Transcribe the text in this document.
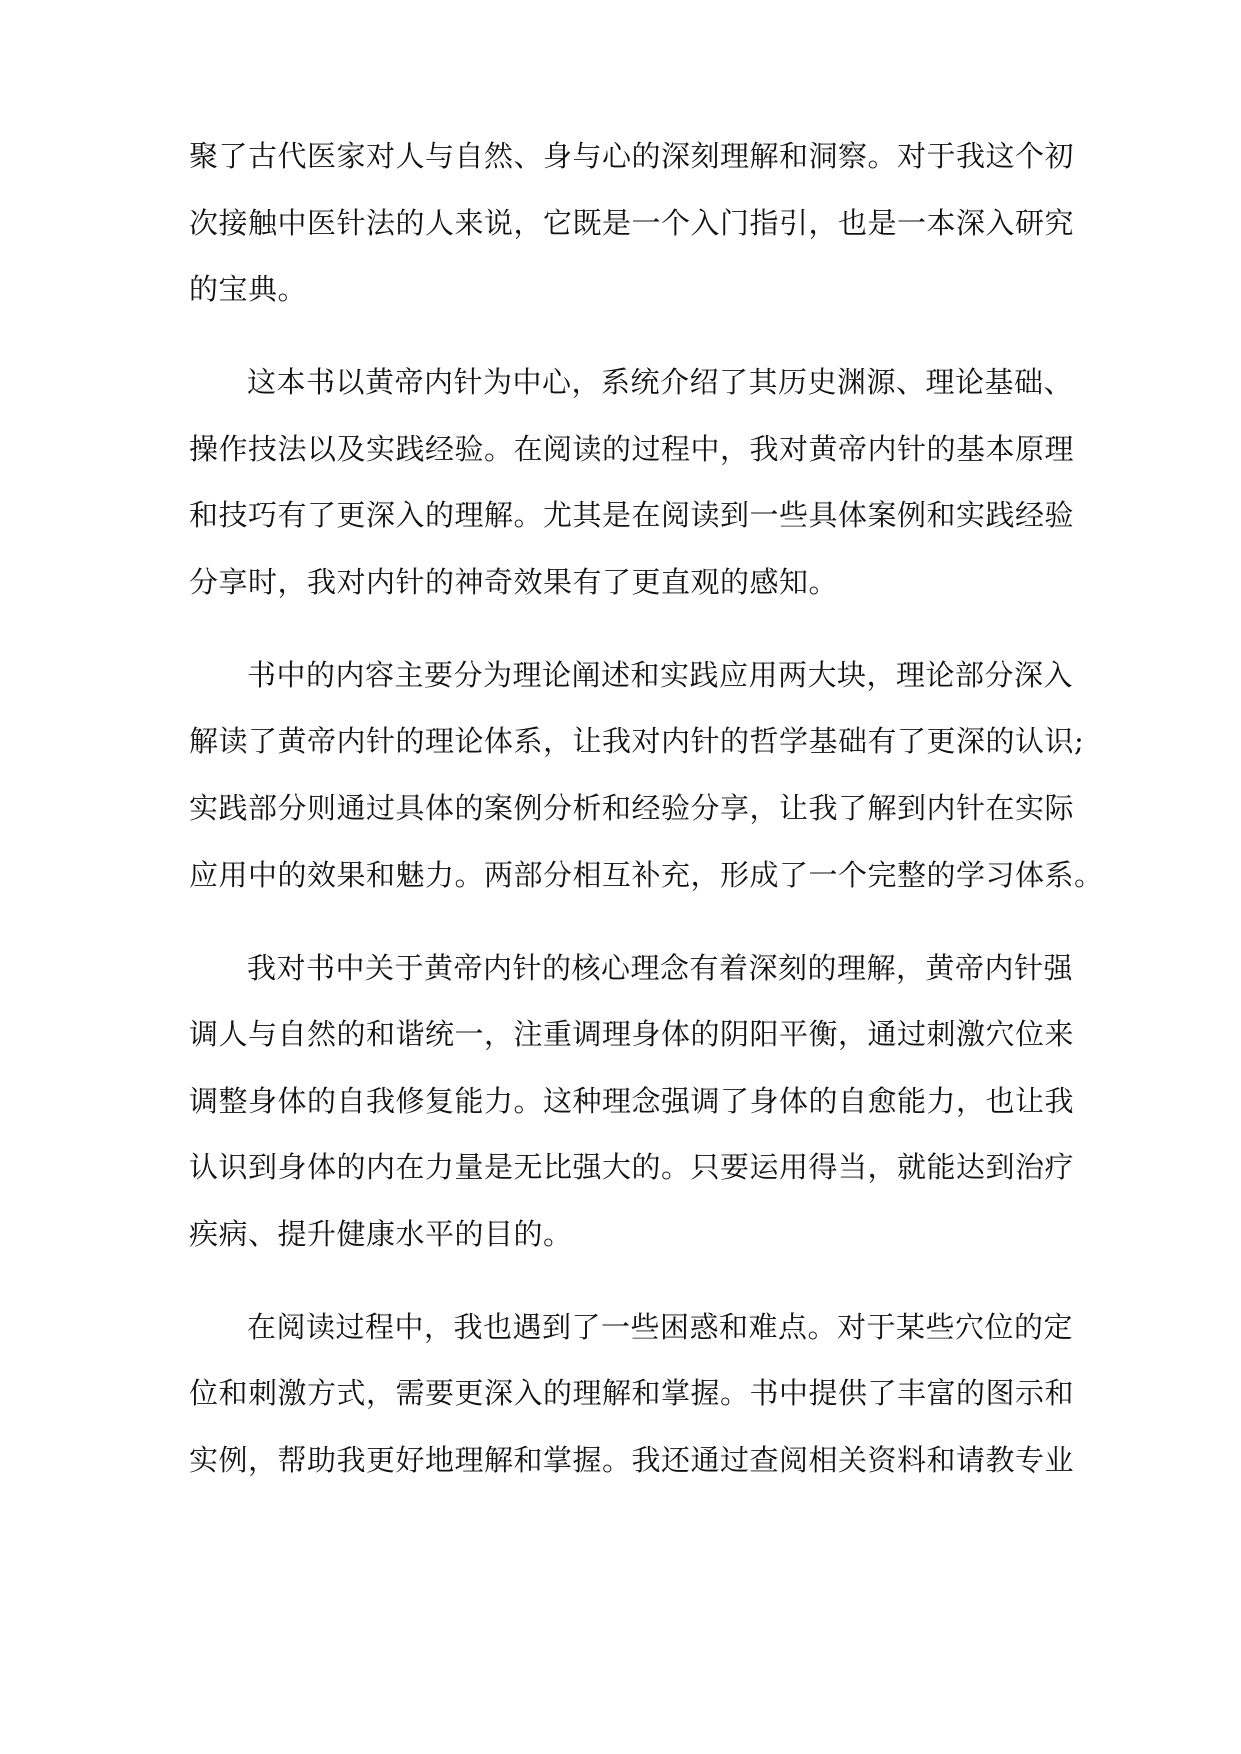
聚了古代医家对人与自然、身与心的深刻理解和洞察。对于我这个初
次接触中医针法的人来说，它既是一个入门指引，也是一本深入研究
的宝典。
这本书以黄帝内针为中心，系统介绍了其历史渊源、理论基础、
操作技法以及实践经验。在阅读的过程中，我对黄帝内针的基本原理
和技巧有了更深入的理解。尤其是在阅读到一些具体案例和实践经验
分享时，我对内针的神奇效果有了更直观的感知。
书中的内容主要分为理论阐述和实践应用两大块，理论部分深入
解读了黄帝内针的理论体系，让我对内针的哲学基础有了更深的认识;
实践部分则通过具体的案例分析和经验分享，让我了解到内针在实际
应用中的效果和魅力。两部分相互补充，形成了一个完整的学习体系。
我对书中关于黄帝内针的核心理念有着深刻的理解，黄帝内针强
调人与自然的和谐统一，注重调理身体的阴阳平衡，通过刺激穴位来
调整身体的自我修复能力。这种理念强调了身体的自愈能力，也让我
认识到身体的内在力量是无比强大的。只要运用得当，就能达到治疗
疾病、提升健康水平的目的。
在阅读过程中，我也遇到了一些困惑和难点。对于某些穴位的定
位和刺激方式，需要更深入的理解和掌握。书中提供了丰富的图示和
实例，帮助我更好地理解和掌握。我还通过查阅相关资料和请教专业
